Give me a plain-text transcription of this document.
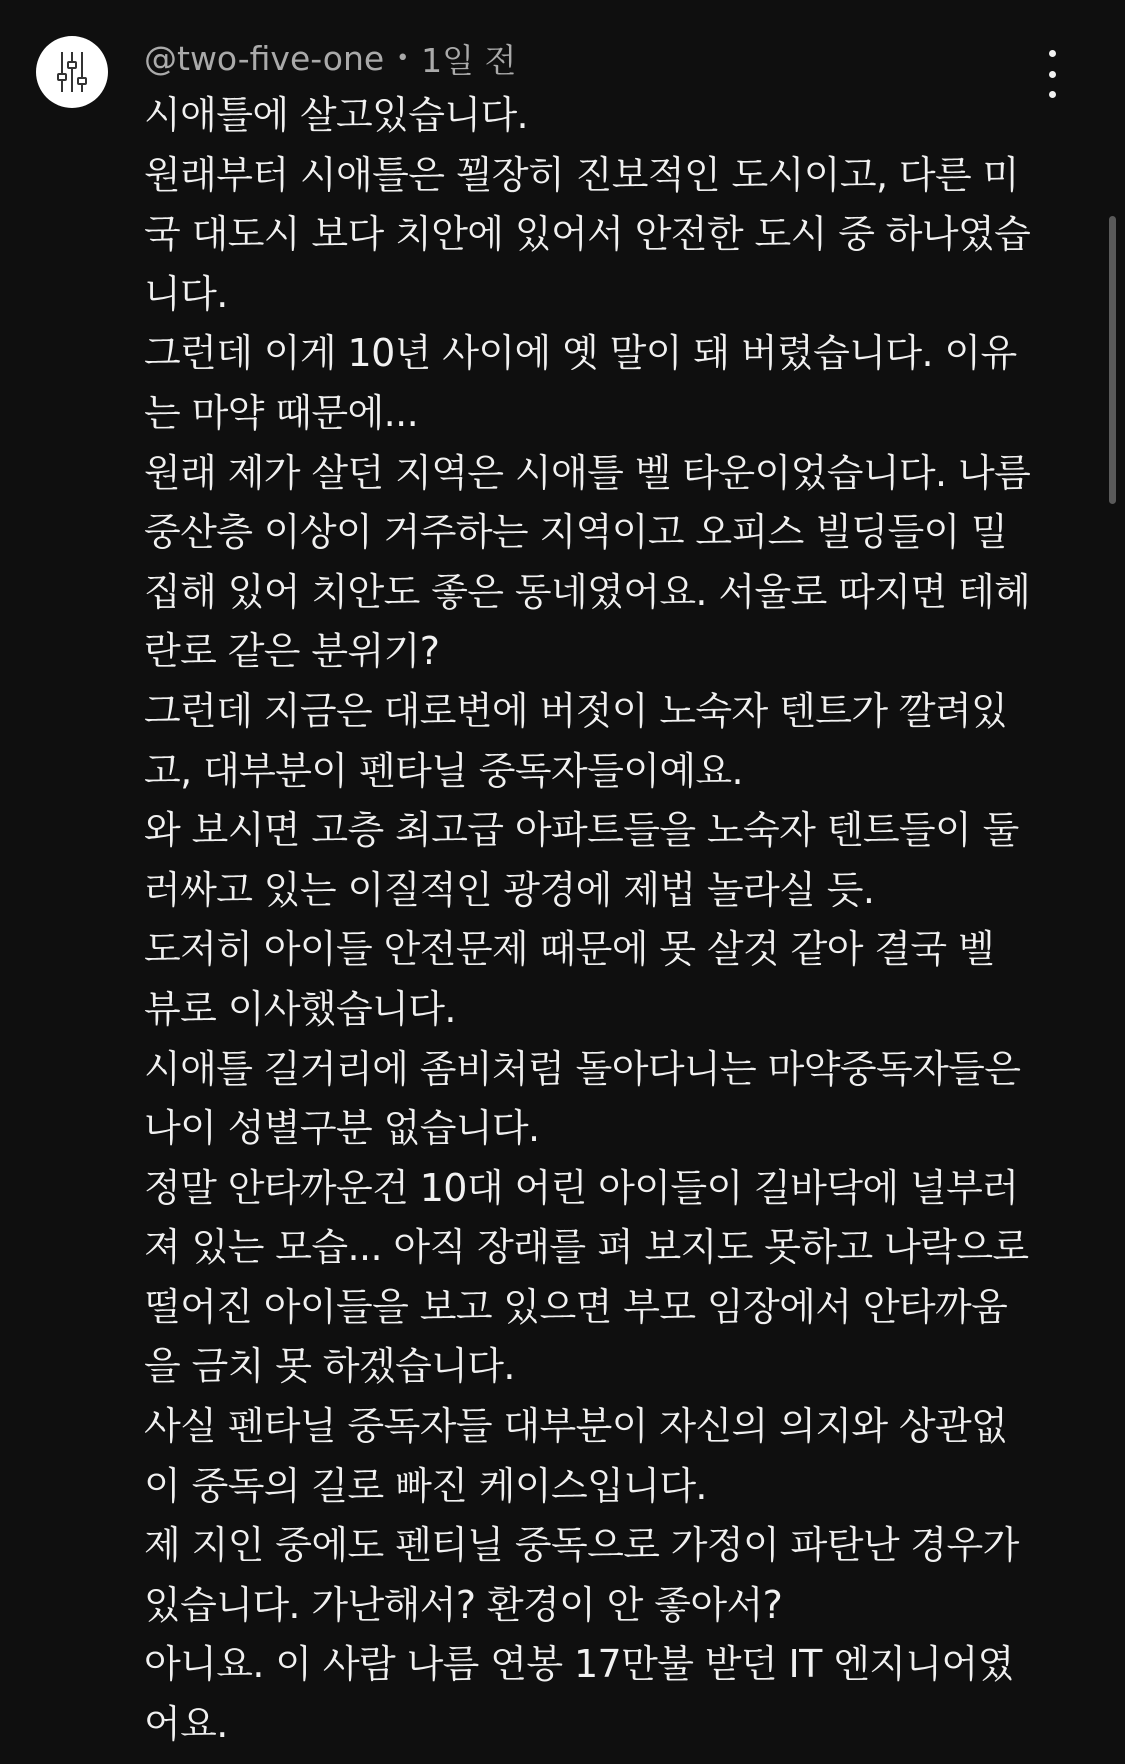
@two-five-one • 1일 전
시애틀에 살고있습니다.
원래부터 시애틀은 꾈장히 진보적인 도시이고, 다른 미
국 대도시 보다 치안에 있어서 안전한 도시 중 하나였습
니다.
그런데 이게 10년 사이에 옛 말이 돼 버렸습니다. 이유
는 마약 때문에...
원래 제가 살던 지역은 시애틀 벨 타운이었습니다. 나름
중산층 이상이 거주하는 지역이고 오피스 빌딩들이 밀
집해 있어 치안도 좋은 동네였어요. 서울로 따지면 테헤
란로 같은 분위기?
그런데 지금은 대로변에 버젓이 노숙자 텐트가 깔려있
고, 대부분이 펜타닐 중독자들이예요.
와 보시면 고층 최고급 아파트들을 노숙자 텐트들이 둘
러싸고 있는 이질적인 광경에 제법 놀라실 듯.
도저히 아이들 안전문제 때문에 못 살것 같아 결국 벨
뷰로 이사했습니다.
시애틀 길거리에 좀비처럼 돌아다니는 마약중독자들은
나이 성별구분 없습니다.
정말 안타까운건 10대 어린 아이들이 길바닥에 널부러
져 있는 모습... 아직 장래를 펴 보지도 못하고 나락으로
떨어진 아이들을 보고 있으면 부모 임장에서 안타까움
을 금치 못 하겠습니다.
사실 펜타닐 중독자들 대부분이 자신의 의지와 상관없
이 중독의 길로 빠진 케이스입니다.
제 지인 중에도 펜티닐 중독으로 가정이 파탄난 경우가
있습니다. 가난해서? 환경이 안 좋아서?
아니요. 이 사람 나름 연봉 17만불 받던 IT 엔지니어였
어요.
